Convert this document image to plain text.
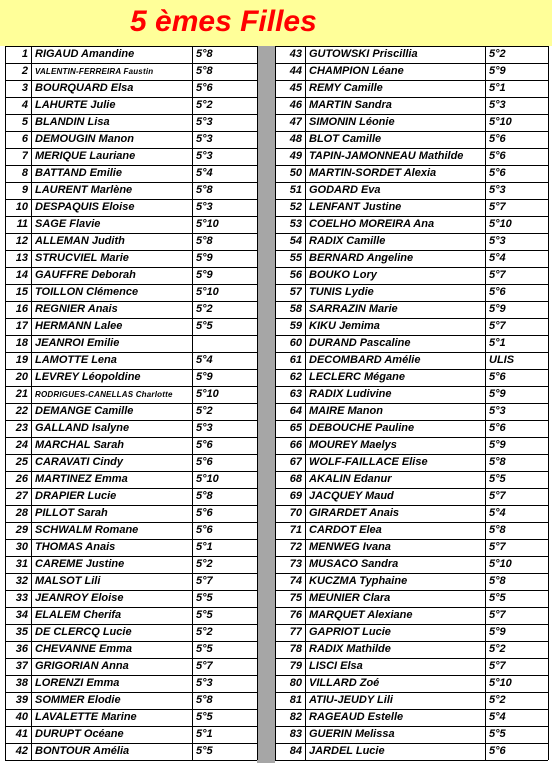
5 èmes Filles
1 RIGAUD Amandine	5°8
2 VALENTIN-FERREIRA Faustin	5°8
3 BOURQUARD Elsa	5°6
4 LAHURTE Julie	5°2
5 BLANDIN Lisa	5°3
6 DEMOUGIN Manon	5°3
7 MERIQUE Lauriane	5°3
8 BATTAND Emilie	5°4
9 LAURENT Marlène	5°8
10 DESPAQUIS Eloise	5°3
11 SAGE Flavie	5°10
12 ALLEMAN Judith	5°8
13 STRUCVIEL Marie	5°9
14 GAUFFRE Deborah	5°9
15 TOILLON Clémence	5°10
16 REGNIER Anais	5°2
17 HERMANN Lalee	5°5
18 JEANROI Emilie
19 LAMOTTE Lena	5°4
20 LEVREY Léopoldine	5°9
21 RODRIGUES-CANELLAS Charlotte	5°10
22 DEMANGE Camille	5°2
23 GALLAND Isalyne	5°3
24 MARCHAL Sarah	5°6
25 CARAVATI Cindy	5°6
26 MARTINEZ Emma	5°10
27 DRAPIER Lucie	5°8
28 PILLOT Sarah	5°6
29 SCHWALM Romane	5°6
30 THOMAS Anais	5°1
31 CAREME Justine	5°2
32 MALSOT Lili	5°7
33 JEANROY Eloise	5°5
34 ELALEM Cherifa	5°5
35 DE CLERCQ Lucie	5°2
36 CHEVANNE Emma	5°5
37 GRIGORIAN Anna	5°7
38 LORENZI Emma	5°3
39 SOMMER Elodie	5°8
40 LAVALETTE Marine	5°5
41 DURUPT Océane	5°1
42 BONTOUR Amélia	5°5
43 GUTOWSKI Priscillia	5°2
44 CHAMPION Léane	5°9
45 REMY Camille	5°1
46 MARTIN Sandra	5°3
47 SIMONIN Léonie	5°10
48 BLOT Camille	5°6
49 TAPIN-JAMONNEAU Mathilde	5°6
50 MARTIN-SORDET Alexia	5°6
51 GODARD Eva	5°3
52 LENFANT Justine	5°7
53 COELHO MOREIRA Ana	5°10
54 RADIX Camille	5°3
55 BERNARD Angeline	5°4
56 BOUKO Lory	5°7
57 TUNIS Lydie	5°6
58 SARRAZIN Marie	5°9
59 KIKU Jemima	5°7
60 DURAND Pascaline	5°1
61 DECOMBARD Amélie	ULIS
62 LECLERC Mégane	5°6
63 RADIX Ludivine	5°9
64 MAIRE Manon	5°3
65 DEBOUCHE Pauline	5°6
66 MOUREY Maelys	5°9
67 WOLF-FAILLACE Elise	5°8
68 AKALIN Edanur	5°5
69 JACQUEY Maud	5°7
70 GIRARDET Anais	5°4
71 CARDOT Elea	5°8
72 MENWEG Ivana	5°7
73 MUSACO Sandra	5°10
74 KUCZMA Typhaine	5°8
75 MEUNIER Clara	5°5
76 MARQUET Alexiane	5°7
77 GAPRIOT Lucie	5°9
78 RADIX Mathilde	5°2
79 LISCI Elsa	5°7
80 VILLARD Zoé	5°10
81 ATIU-JEUDY Lili	5°2
82 RAGEAUD Estelle	5°4
83 GUERIN Melissa	5°5
84 JARDEL Lucie	5°6
